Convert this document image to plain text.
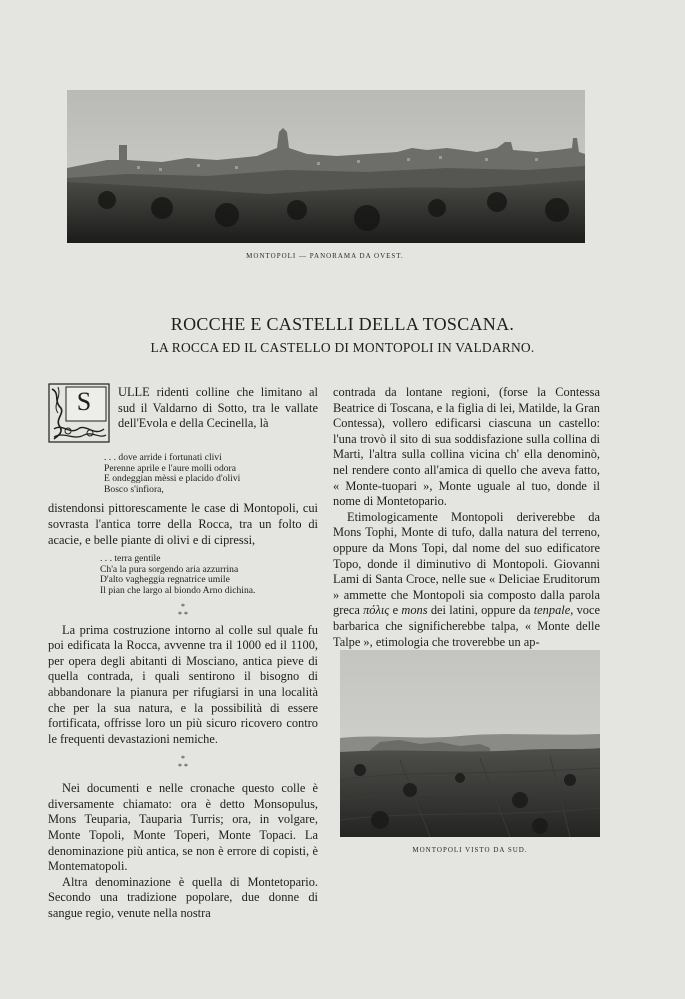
MONTOPOLI — PANORAMA DA OVEST.
ROCCHE E CASTELLI DELLA TOSCANA.
LA ROCCA ED IL CASTELLO DI MONTOPOLI IN VALDARNO.
S	ULLE ridenti colline che limitano al sud il Valdarno di Sotto, tra le vallate dell'Evola e della Cecinella, là

. . . dove arride i fortunati clivi
Perenne aprile e l'aure molli odora
E ondeggian mèssi e placido d'olivi
Bosco s'infiora,

distendonsi pittorescamente le case di Montopoli, cui sovrasta l'antica torre della Rocca, tra un folto di acacie, e belle piante di olivi e di cipressi,

. . . terra gentile
Ch'a la pura sorgendo aria azzurrina
D'alto vagheggia regnatrice umile
Il pian che largo al biondo Arno dichina.
*
* *

La prima costruzione intorno al colle sul quale fu poi edificata la Rocca, avvenne tra il 1000 ed il 1100, per opera degli abitanti di Mosciano, antica pieve di quella contrada, i quali sentirono il bisogno di abbandonare la pianura per rifugiarsi in una località che per la sua natura, e la possibilità di essere fortificata, offrisse loro un più sicuro ricovero contro le frequenti devastazioni nemiche.

*
* *

Nei documenti e nelle cronache questo colle è diversamente chiamato: ora è detto Monsopulus, Mons Teuparia, Tauparia Turris; ora, in volgare, Monte Topoli, Monte Toperi, Monte Topaci. La denominazione più antica, se non è errore di copisti, è Montematopoli.

Altra denominazione è quella di Montetopario. Secondo una tradizione popolare, due donne di sangue regio, venute nella nostra

contrada da lontane regioni, (forse la Contessa Beatrice di Toscana, e la figlia di lei, Matilde, la Gran Contessa), vollero edificarsi ciascuna un castello: l'una trovò il sito di sua soddisfazione sulla collina di Marti, l'altra sulla collina vicina ch' ella denominò, nel rendere conto all'amica di quello che aveva fatto, « Monte-tuopari », Monte uguale al tuo, donde il nome di Montetopario.

Etimologicamente Montopoli deriverebbe da Mons Tophi, Monte di tufo, dalla natura del terreno, oppure da Mons Topi, dal nome del suo edificatore Topo, donde il diminutivo di Montopoli. Giovanni Lami di Santa Croce, nelle sue « Deliciae Eruditorum » ammette che Montopoli sia composto dalla parola greca πόλις e mons dei latini, oppure da tenpale, voce barbarica che significherebbe talpa, « Monte delle Talpe », etimologia che troverebbe un ap-

MONTOPOLI VISTO DA SUD.
